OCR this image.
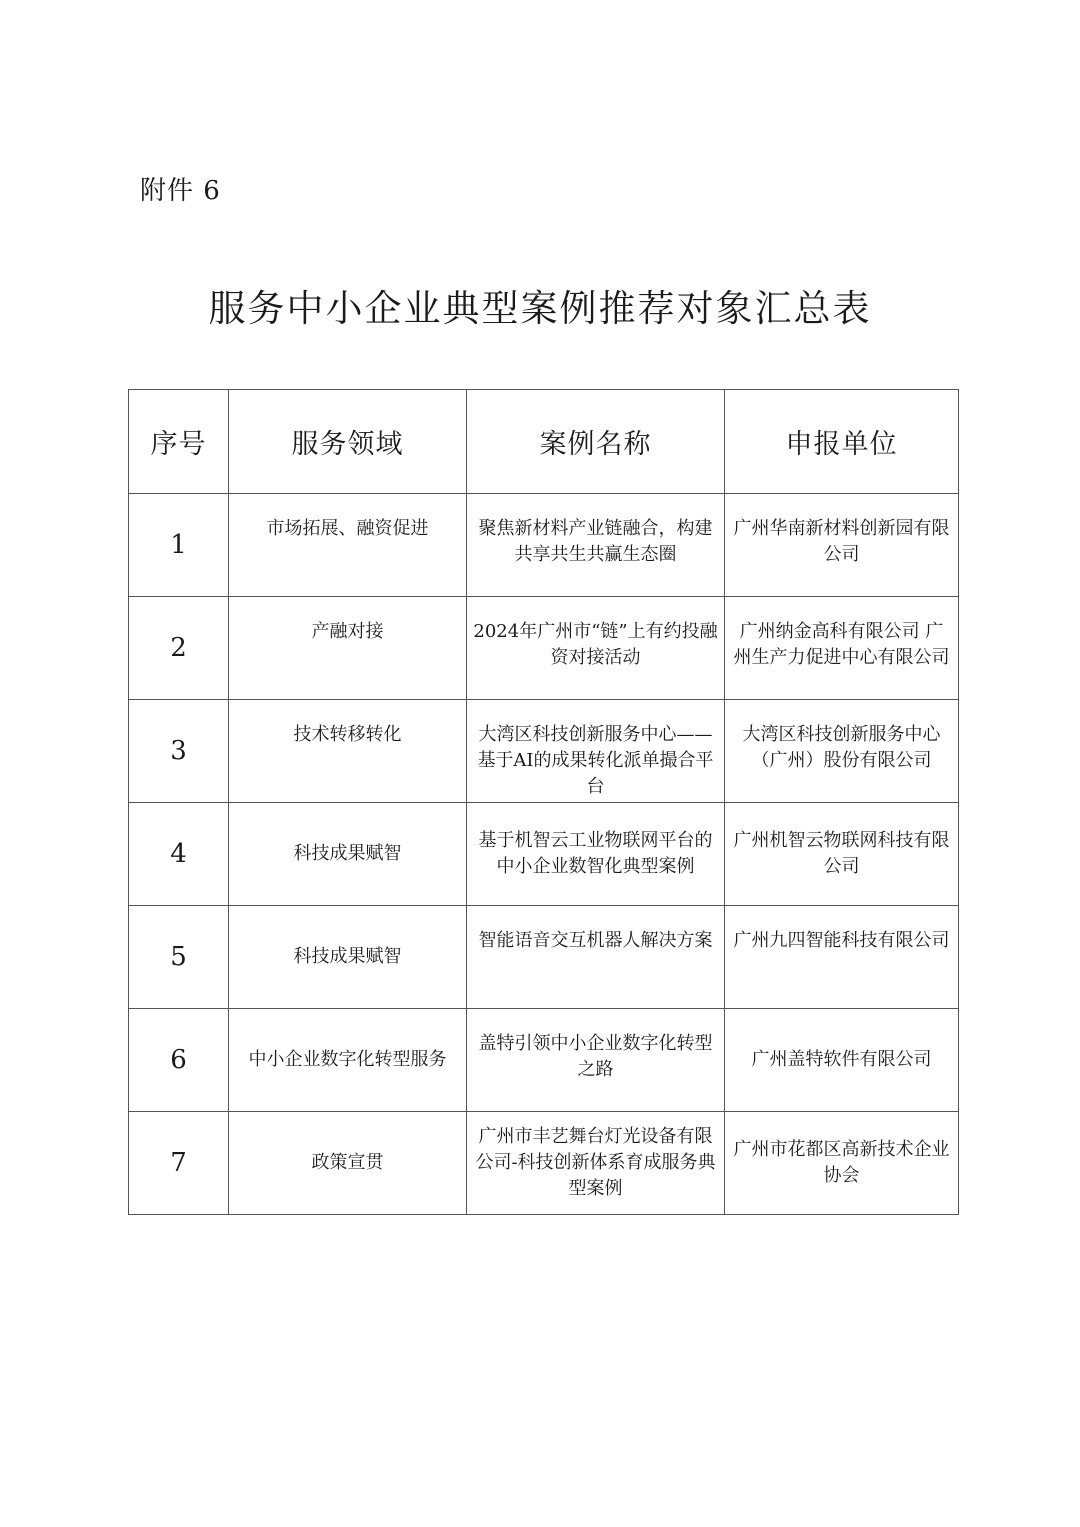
附件 6
服务中小企业典型案例推荐对象汇总表
序号	服务领域	案例名称	申报单位
1	市场拓展、融资促进	聚焦新材料产业链融合，构建共享共生共赢生态圈	广州华南新材料创新园有限公司
2	产融对接	2024年广州市“链”上有约投融资对接活动	广州纳金高科有限公司 广州生产力促进中心有限公司
3	技术转移转化	大湾区科技创新服务中心——基于AI的成果转化派单撮合平台	大湾区科技创新服务中心（广州）股份有限公司
4	科技成果赋智	基于机智云工业物联网平台的中小企业数智化典型案例	广州机智云物联网科技有限公司
5	科技成果赋智	智能语音交互机器人解决方案	广州九四智能科技有限公司
6	中小企业数字化转型服务	盖特引领中小企业数字化转型之路	广州盖特软件有限公司
7	政策宣贯	广州市丰艺舞台灯光设备有限公司-科技创新体系育成服务典型案例	广州市花都区高新技术企业协会
